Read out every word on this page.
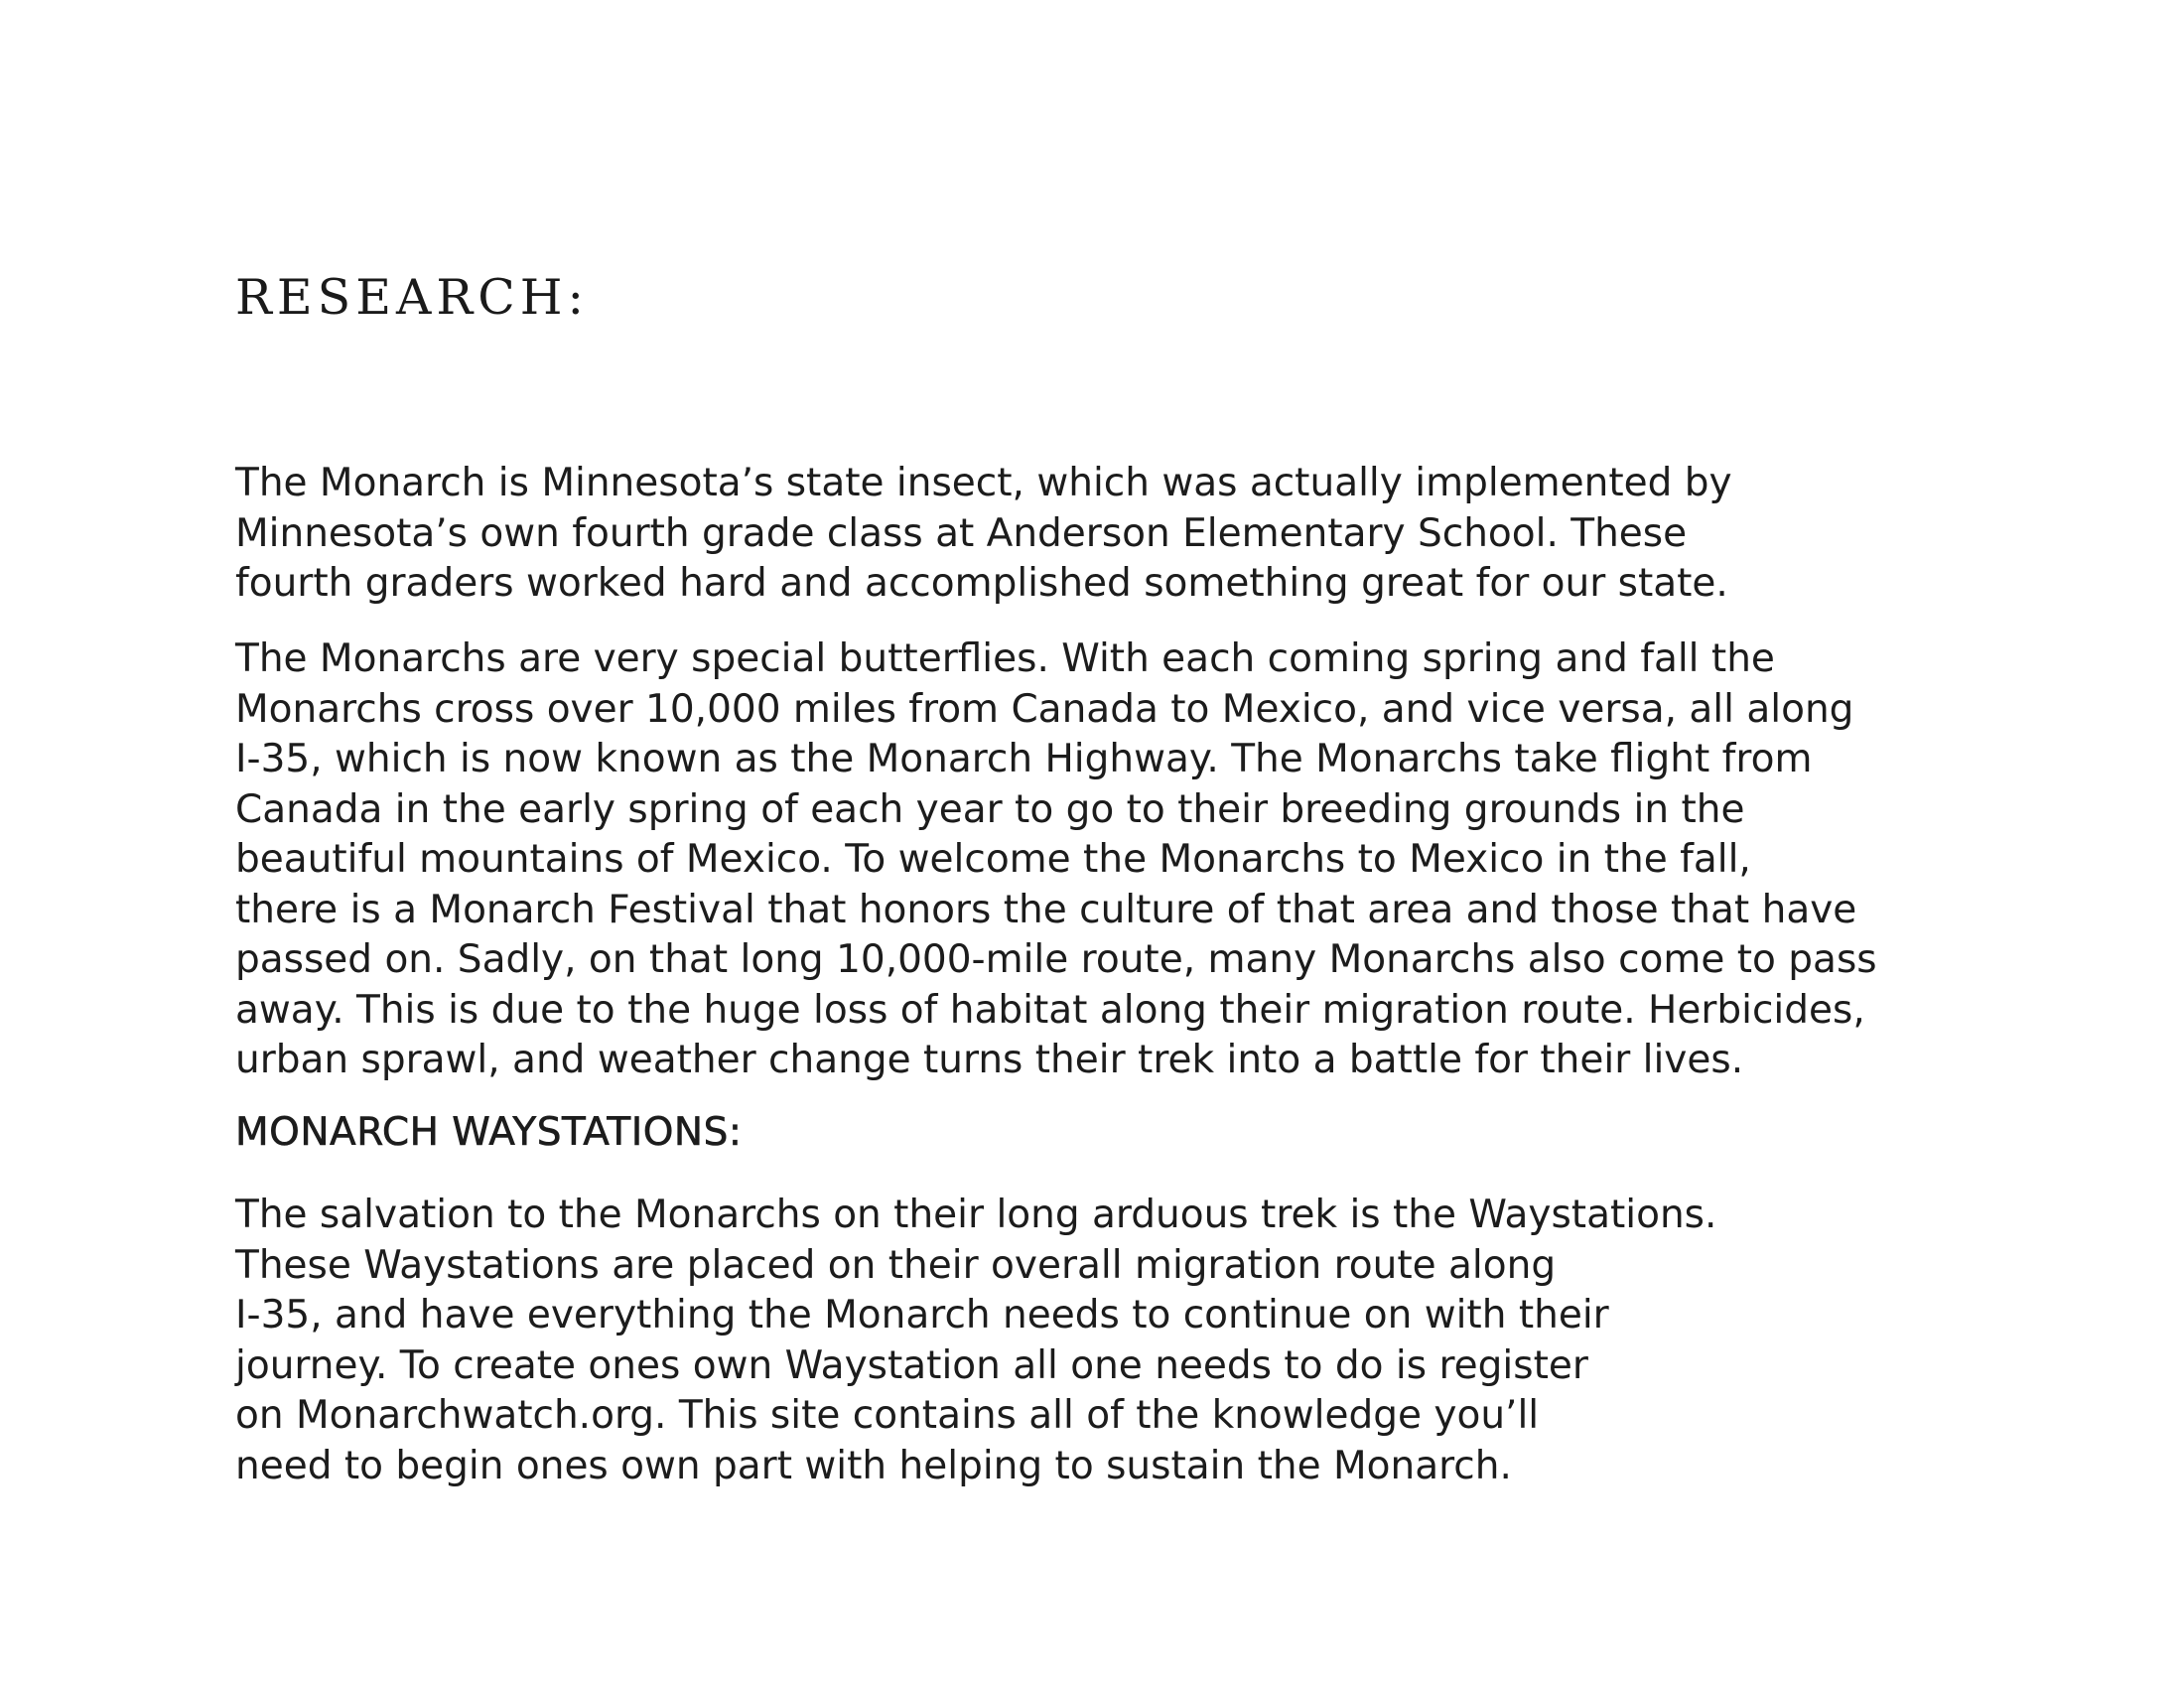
RESEARCH:

The Monarch is Minnesota’s state insect, which was actually implemented by
Minnesota’s own fourth grade class at Anderson Elementary School. These
fourth graders worked hard and accomplished something great for our state.

The Monarchs are very special butterflies. With each coming spring and fall the
Monarchs cross over 10,000 miles from Canada to Mexico, and vice versa, all along
I-35, which is now known as the Monarch Highway. The Monarchs take flight from
Canada in the early spring of each year to go to their breeding grounds in the
beautiful mountains of Mexico. To welcome the Monarchs to Mexico in the fall,
there is a Monarch Festival that honors the culture of that area and those that have
passed on. Sadly, on that long 10,000-mile route, many Monarchs also come to pass
away. This is due to the huge loss of habitat along their migration route. Herbicides,
urban sprawl, and weather change turns their trek into a battle for their lives.

MONARCH WAYSTATIONS:

The salvation to the Monarchs on their long arduous trek is the Waystations.
These Waystations are placed on their overall migration route along
I-35, and have everything the Monarch needs to continue on with their
journey. To create ones own Waystation all one needs to do is register
on Monarchwatch.org. This site contains all of the knowledge you’ll
need to begin ones own part with helping to sustain the Monarch.
